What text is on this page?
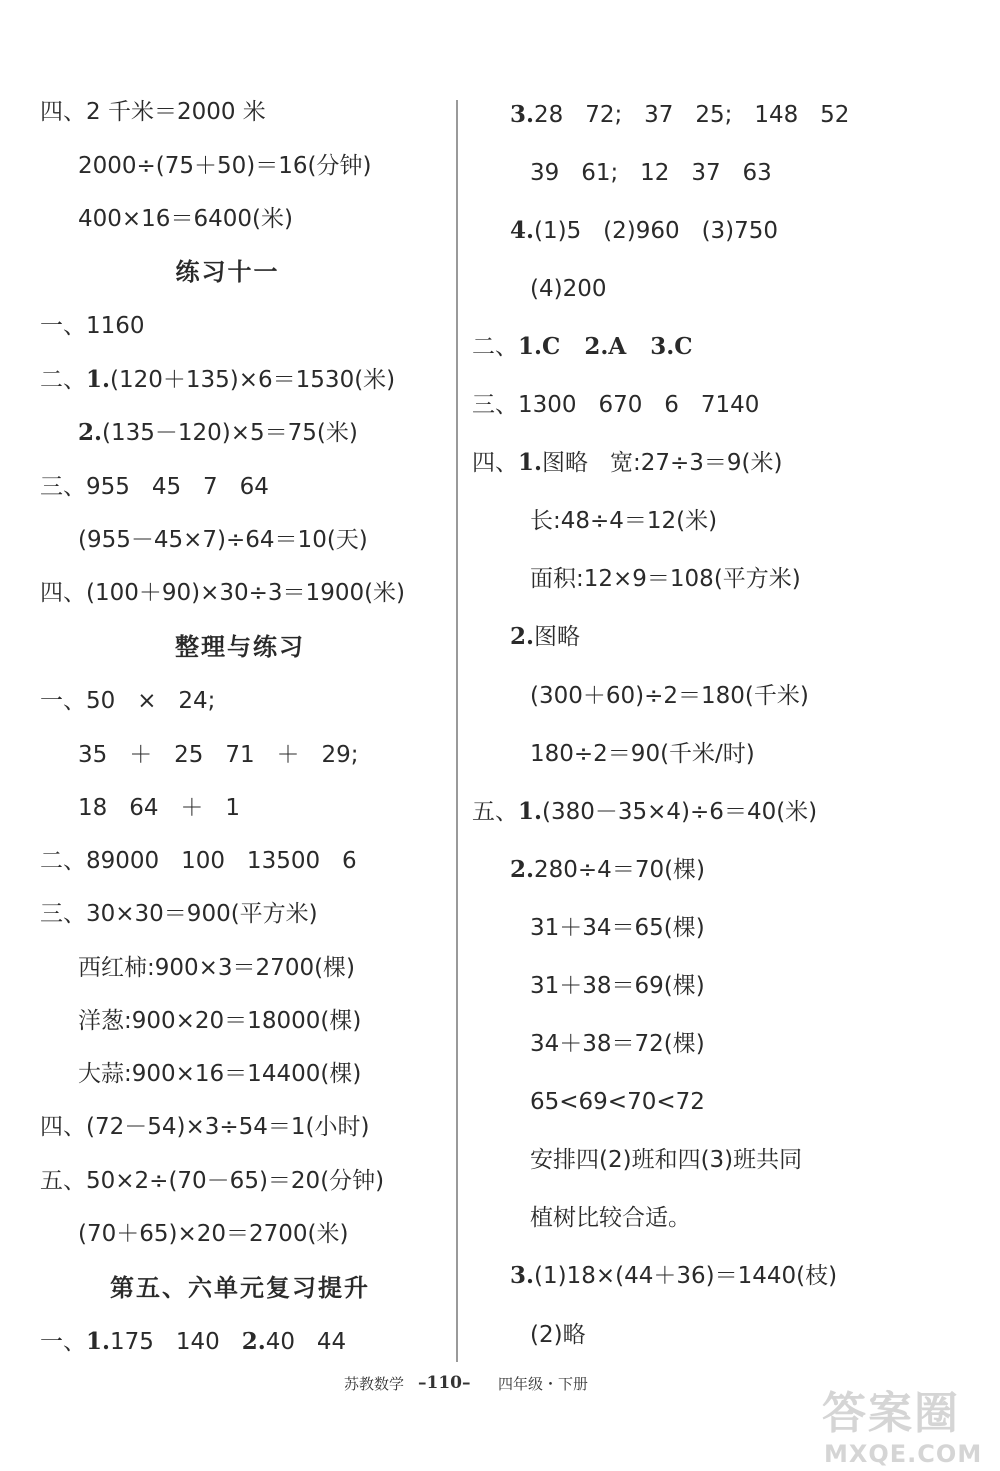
四、2 千米＝2000 米
2000÷(75＋50)＝16(分钟)
400×16＝6400(米)
练习十一
一、1160
二、1.(120＋135)×6＝1530(米)
2.(135－120)×5＝75(米)
三、955   45   7   64
(955－45×7)÷64＝10(天)
四、(100＋90)×30÷3＝1900(米)
整理与练习
一、50   ×   24;
35   ＋   25   71   ＋   29;
18   64   ＋   1
二、89000   100   13500   6
三、30×30＝900(平方米)
西红柿:900×3＝2700(棵)
洋葱:900×20＝18000(棵)
大蒜:900×16＝14400(棵)
四、(72－54)×3÷54＝1(小时)
五、50×2÷(70－65)＝20(分钟)
(70＋65)×20＝2700(米)
第五、六单元复习提升
一、1.175   140   2.40   44
3.28   72;   37   25;   148   52
39   61;   12   37   63
4.(1)5   (2)960   (3)750
(4)200
二、1.C   2.A   3.C
三、1300   670   6   7140
四、1.图略   宽:27÷3＝9(米)
长:48÷4＝12(米)
面积:12×9＝108(平方米)
2.图略
(300＋60)÷2＝180(千米)
180÷2＝90(千米/时)
五、1.(380－35×4)÷6＝40(米)
2.280÷4＝70(棵)
31＋34＝65(棵)
31＋38＝69(棵)
34＋38＝72(棵)
65<69<70<72
安排四(2)班和四(3)班共同
植树比较合适。
3.(1)18×(44＋36)＝1440(枝)
(2)略
苏教数学 –110– 四年级・下册
答案圈
MXQE.COM
